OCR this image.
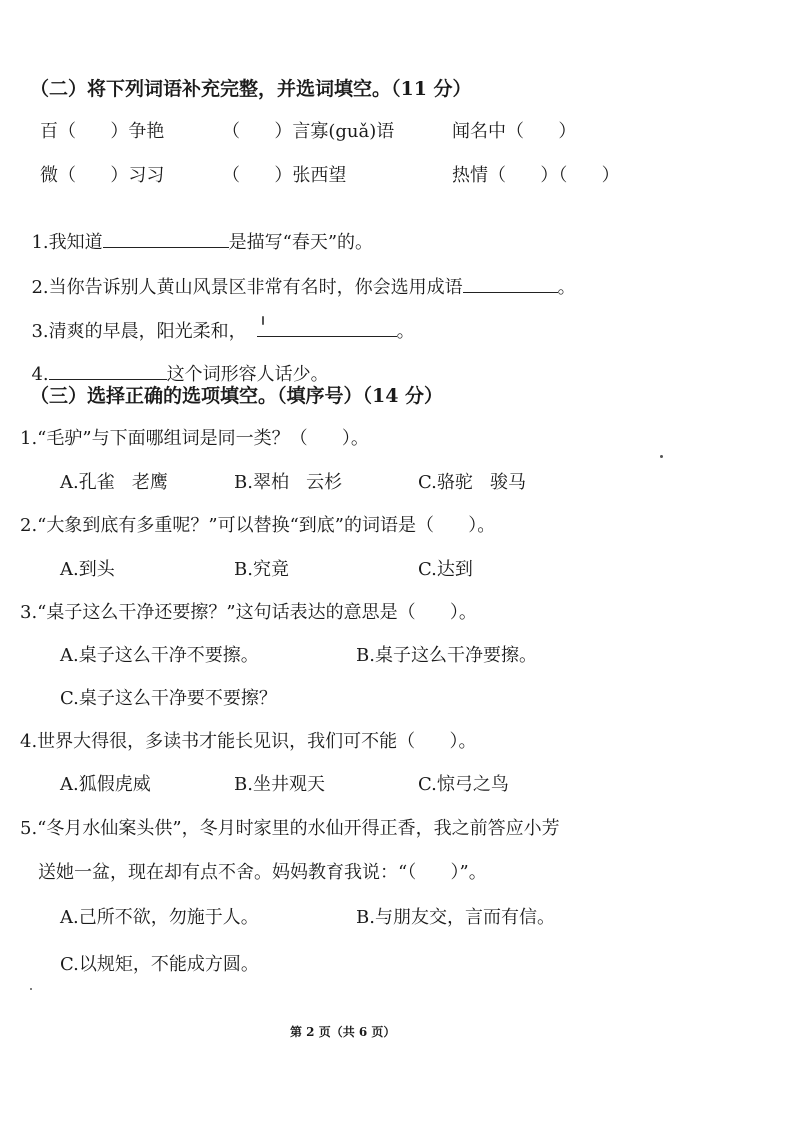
（二）将下列词语补充完整，并选词填空。（11 分）
百（      ）争艳	（      ）言寡(guǎ)语	闻名中（      ）
微（      ）习习	（      ）张西望	热情（      ）（      ）

1.我知道	是描写“春天”的。

2.当你告诉别人黄山风景区非常有名时，你会选用成语	。

3.清爽的早晨，阳光柔和，	。

4.	这个词形容人话少。

（三）选择正确的选项填空。（填序号）（14 分）
1.“毛驴”与下面哪组词是同一类？（      ）。
A.孔雀   老鹰	B.翠柏   云杉	C.骆驼   骏马
2.“大象到底有多重呢？”可以替换“到底”的词语是（      ）。
A.到头	B.究竟	C.达到
3.“桌子这么干净还要擦？”这句话表达的意思是（      ）。
A.桌子这么干净不要擦。	B.桌子这么干净要擦。
C.桌子这么干净要不要擦？
4.世界大得很，多读书才能长见识，我们可不能（      ）。
A.狐假虎威	B.坐井观天	C.惊弓之鸟
5.“冬月水仙案头供”，冬月时家里的水仙开得正香，我之前答应小芳
送她一盆，现在却有点不舍。妈妈教育我说：“（      ）”。
A.己所不欲，勿施于人。	B.与朋友交，言而有信。
C.以规矩，不能成方圆。
第 2 页（共 6 页）
